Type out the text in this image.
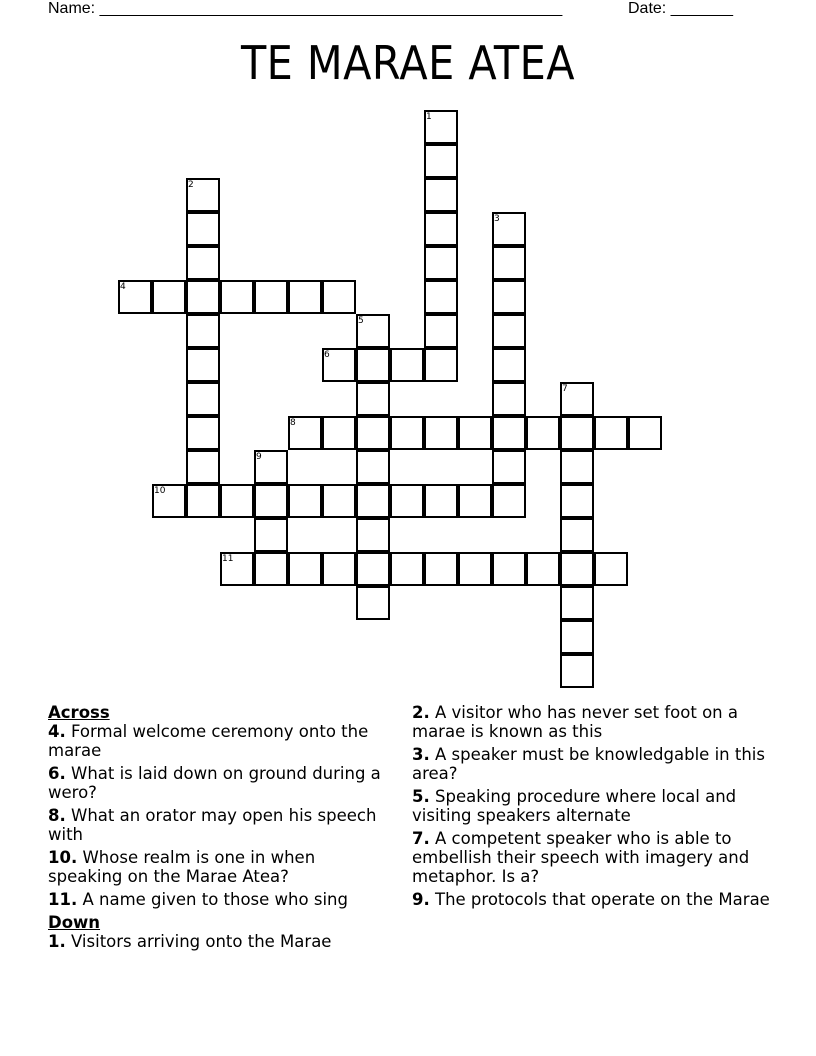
Name: ____________________________________________________	Date: _______
TE MARAE ATEA
1
2
3
4
5
6
7
8
9
10
11
Across
4. Formal welcome ceremony onto the marae
6. What is laid down on ground during a wero?
8. What an orator may open his speech with
10. Whose realm is one in when speaking on the Marae Atea?
11. A name given to those who sing
Down
1. Visitors arriving onto the Marae
2. A visitor who has never set foot on a marae is known as this
3. A speaker must be knowledgable in this area?
5. Speaking procedure where local and visiting speakers alternate
7. A competent speaker who is able to embellish their speech with imagery and metaphor. Is a?
9. The protocols that operate on the Marae
